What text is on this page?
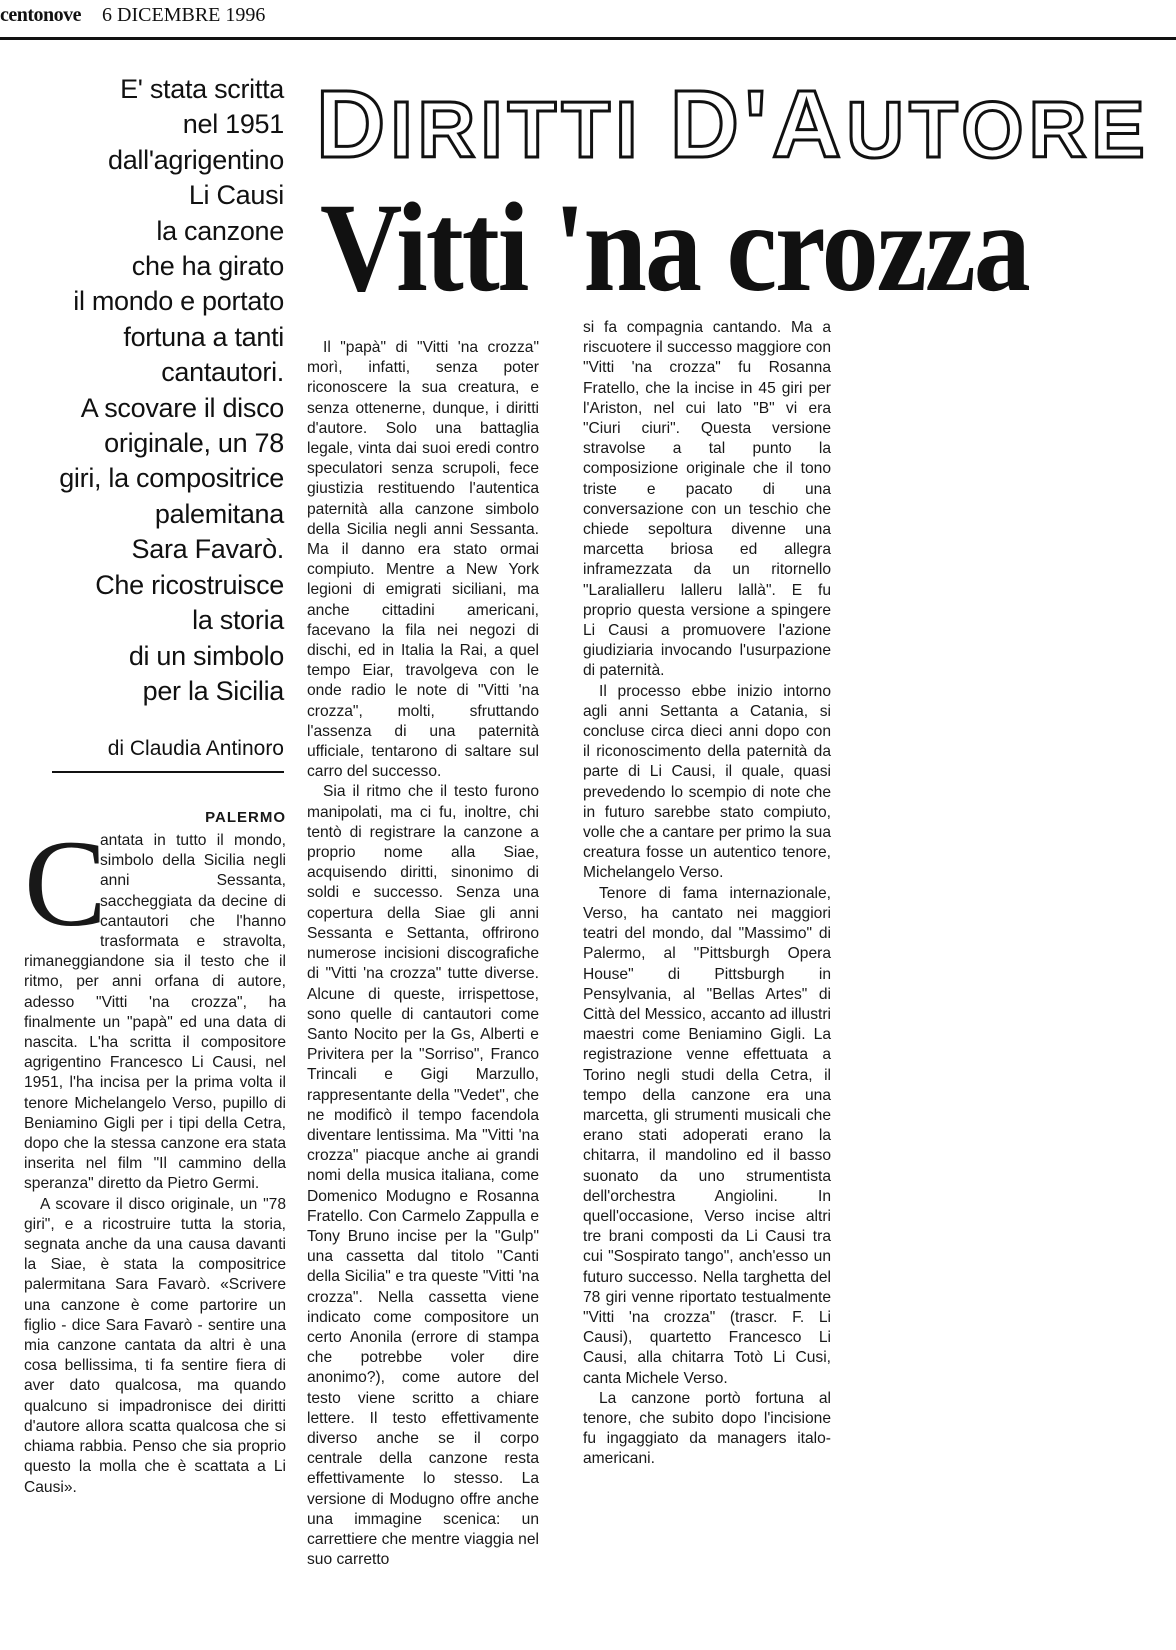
centonove 6 DICEMBRE 1996
DIRITTI D'AUTORE
Vitti 'na crozza
E' stata scritta
nel 1951
dall'agrigentino
Li Causi
la canzone
che ha girato
il mondo e portato
fortuna a tanti
cantautori.
A scovare il disco
originale, un 78
giri, la compositrice
palemitana
Sara Favarò.
Che ricostruisce
la storia
di un simbolo
per la Sicilia
di Claudia Antinoro
PALERMO
C

antata in tutto il mondo, simbolo della Sicilia negli anni Sessanta, saccheggiata da decine di cantautori che l'hanno trasformata e stravolta, rimaneggiandone sia il testo che il ritmo, per anni orfana di autore, adesso "Vitti 'na crozza", ha finalmente un "papà" ed una data di nascita. L'ha scritta il compositore agrigentino Francesco Li Causi, nel 1951, l'ha incisa per la prima volta il tenore Michelangelo Verso, pupillo di Beniamino Gigli per i tipi della Cetra, dopo che la stessa canzone era stata inserita nel film "Il cammino della speranza" diretto da Pietro Germi.

A scovare il disco originale, un "78 giri", e a ricostruire tutta la storia, segnata anche da una causa davanti la Siae, è stata la compositrice palermitana Sara Favarò. «Scrivere una canzone è come partorire un figlio - dice Sara Favarò - sentire una mia canzone cantata da altri è una cosa bellissima, ti fa sentire fiera di aver dato qualcosa, ma quando qualcuno si impadronisce dei diritti d'autore allora scatta qualcosa che si chiama rabbia. Penso che sia proprio questo la molla che è scattata a Li Causi».

Il "papà" di "Vitti 'na crozza" morì, infatti, senza poter riconoscere la sua creatura, e senza ottenerne, dunque, i diritti d'autore. Solo una battaglia legale, vinta dai suoi eredi contro speculatori senza scrupoli, fece giustizia restituendo l'autentica paternità alla canzone simbolo della Sicilia negli anni Sessanta. Ma il danno era stato ormai compiuto. Mentre a New York legioni di emigrati siciliani, ma anche cittadini americani, facevano la fila nei negozi di dischi, ed in Italia la Rai, a quel tempo Eiar, travolgeva con le onde radio le note di "Vitti 'na crozza", molti, sfruttando l'assenza di una paternità ufficiale, tentarono di saltare sul carro del successo.

Sia il ritmo che il testo furono manipolati, ma ci fu, inoltre, chi tentò di registrare la canzone a proprio nome alla Siae, acquisendo diritti, sinonimo di soldi e successo. Senza una copertura della Siae gli anni Sessanta e Settanta, offrirono numerose incisioni discografiche di "Vitti 'na crozza" tutte diverse. Alcune di queste, irrispettose, sono quelle di cantautori come Santo Nocito per la Gs, Alberti e Privitera per la "Sorriso", Franco Trincali e Gigi Marzullo, rappresentante della "Vedet", che ne modificò il tempo facendola diventare lentissima. Ma "Vitti 'na crozza" piacque anche ai grandi nomi della musica italiana, come Domenico Modugno e Rosanna Fratello. Con Carmelo Zappulla e Tony Bruno incise per la "Gulp" una cassetta dal titolo "Canti della Sicilia" e tra queste "Vitti 'na crozza". Nella cassetta viene indicato come compositore un certo Anonila (errore di stampa che potrebbe voler dire anonimo?), come autore del testo viene scritto a chiare lettere. Il testo effettivamente diverso anche se il corpo centrale della canzone resta effettivamente lo stesso. La versione di Modugno offre anche una immagine scenica: un carrettiere che mentre viaggia nel suo carretto

si fa compagnia cantando. Ma a riscuotere il successo maggiore con "Vitti 'na crozza" fu Rosanna Fratello, che la incise in 45 giri per l'Ariston, nel cui lato "B" vi era "Ciuri ciuri". Questa versione stravolse a tal punto la composizione originale che il tono triste e pacato di una conversazione con un teschio che chiede sepoltura divenne una marcetta briosa ed allegra inframezzata da un ritornello "Laralialleru lalleru lallà". E fu proprio questa versione a spingere Li Causi a promuovere l'azione giudiziaria invocando l'usurpazione di paternità.

Il processo ebbe inizio intorno agli anni Settanta a Catania, si concluse circa dieci anni dopo con il riconoscimento della paternità da parte di Li Causi, il quale, quasi prevedendo lo scempio di note che in futuro sarebbe stato compiuto, volle che a cantare per primo la sua creatura fosse un autentico tenore, Michelangelo Verso.

Tenore di fama internazionale, Verso, ha cantato nei maggiori teatri del mondo, dal "Massimo" di Palermo, al "Pittsburgh Opera House" di Pittsburgh in Pensylvania, al "Bellas Artes" di Città del Messico, accanto ad illustri maestri come Beniamino Gigli. La registrazione venne effettuata a Torino negli studi della Cetra, il tempo della canzone era una marcetta, gli strumenti musicali che erano stati adoperati erano la chitarra, il mandolino ed il basso suonato da uno strumentista dell'orchestra Angiolini. In quell'occasione, Verso incise altri tre brani composti da Li Causi tra cui "Sospirato tango", anch'esso un futuro successo. Nella targhetta del 78 giri venne riportato testualmente "Vitti 'na crozza" (trascr. F. Li Causi), quartetto Francesco Li Causi, alla chitarra Totò Li Cusi, canta Michele Verso.

La canzone portò fortuna al tenore, che subito dopo l'incisione fu ingaggiato da managers italo-americani.
